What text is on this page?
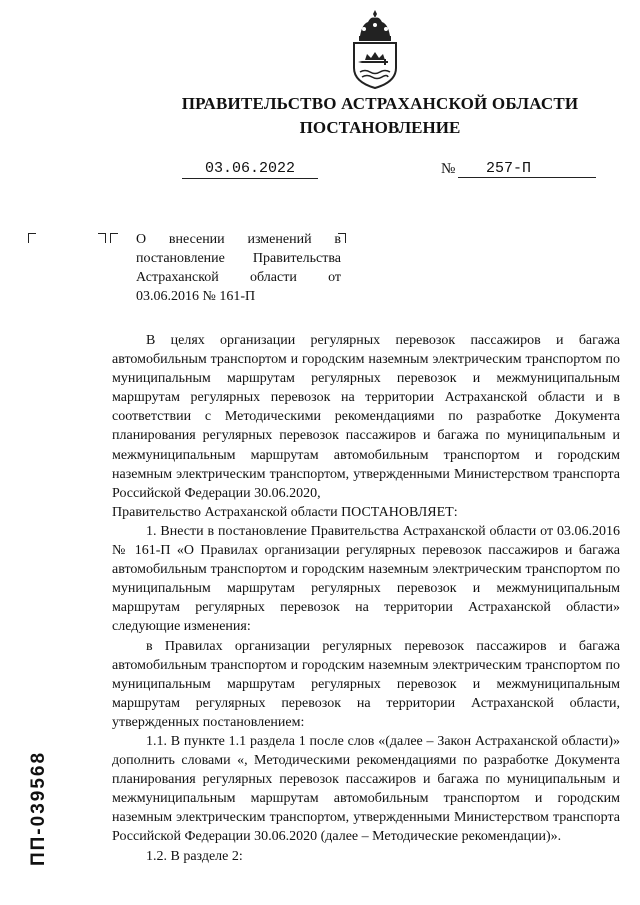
ПРАВИТЕЛЬСТВО АСТРАХАНСКОЙ ОБЛАСТИ
ПОСТАНОВЛЕНИЕ
03.06.2022	№	257-П
О внесении изменений в постановление Правительства Астраханской области от 03.06.2016 № 161-П

В целях организации регулярных перевозок пассажиров и багажа автомобильным транспортом и городским наземным электрическим транспортом по муниципальным маршрутам регулярных перевозок и межмуниципальным маршрутам регулярных перевозок на территории Астраханской области и в соответствии с Методическими рекомендациями по разработке Документа планирования регулярных перевозок пассажиров и багажа по муниципальным и межмуниципальным маршрутам автомобильным транспортом и городским наземным электрическим транспортом, утвержденными Министерством транспорта Российской Федерации 30.06.2020,

Правительство Астраханской области ПОСТАНОВЛЯЕТ:

1. Внести в постановление Правительства Астраханской области от 03.06.2016 № 161-П «О Правилах организации регулярных перевозок пассажиров и багажа автомобильным транспортом и городским наземным электрическим транспортом по муниципальным маршрутам регулярных перевозок и межмуниципальным маршрутам регулярных перевозок на территории Астраханской области» следующие изменения:

в Правилах организации регулярных перевозок пассажиров и багажа автомобильным транспортом и городским наземным электрическим транспортом по муниципальным маршрутам регулярных перевозок и межмуниципальным маршрутам регулярных перевозок на территории Астраханской области, утвержденных постановлением:

1.1. В пункте 1.1 раздела 1 после слов «(далее – Закон Астраханской области)» дополнить словами «, Методическими рекомендациями по разработке Документа планирования регулярных перевозок пассажиров и багажа по муниципальным и межмуниципальным маршрутам автомобильным транспортом и городским наземным электрическим транспортом, утвержденными Министерством транспорта Российской Федерации 30.06.2020 (далее – Методические рекомендации)».

1.2. В разделе 2:

ПП-039568
